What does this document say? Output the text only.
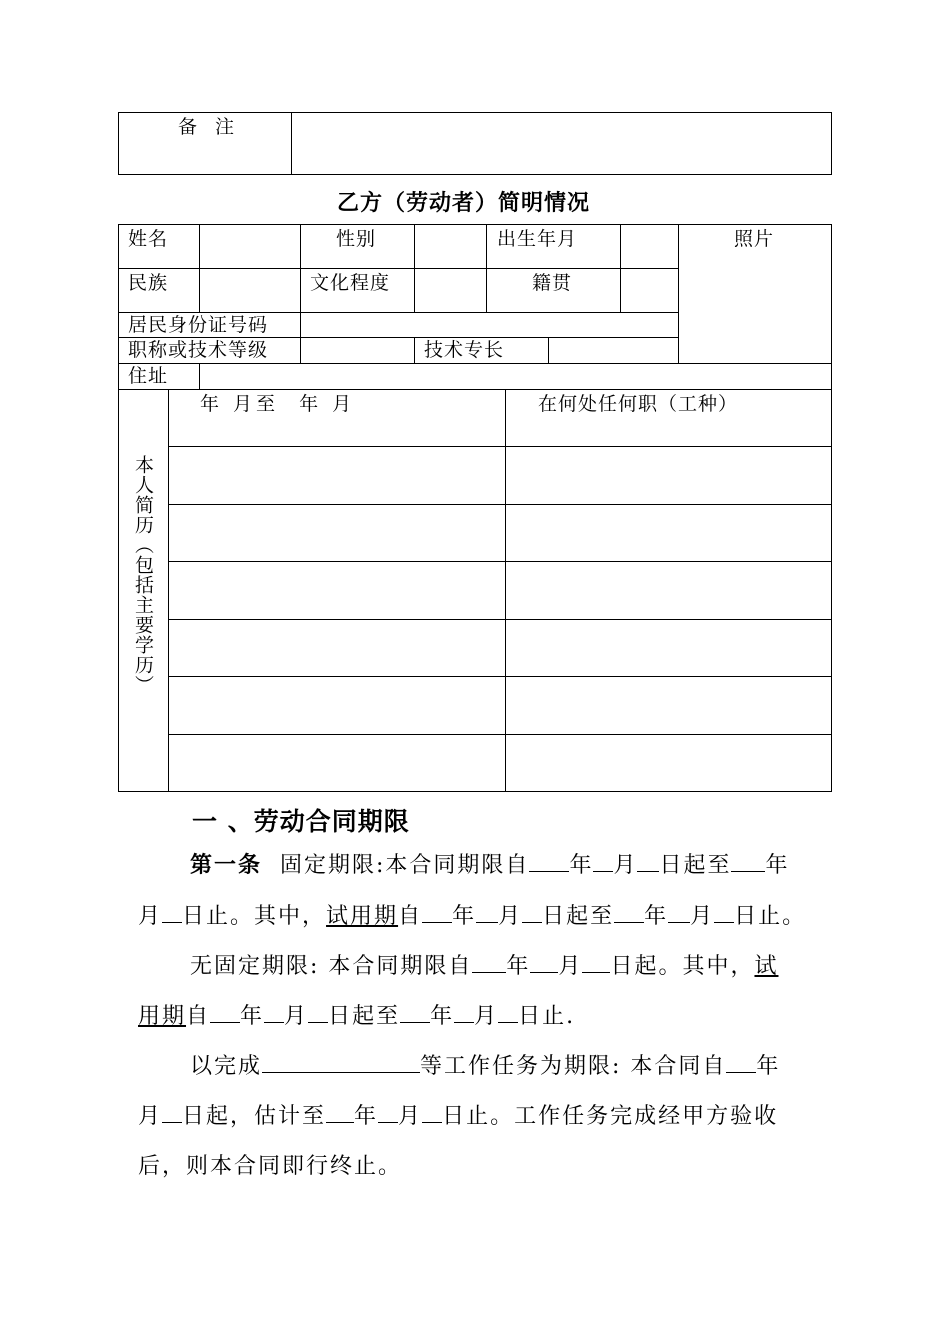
备 注
乙方（劳动者）简明情况
姓名	性别	出生年月	照片
民族	文化程度	籍贯
居民身份证号码
职称或技术等级	技术专长
住址
本人简历（包括主要学历）
年 月至  年 月	在何处任何职（工种）
一 、劳动合同期限
第一条 固定期限:本合同期限自 年 月 日起至 年
月 日止。其中，试用期自 年 月 日起至 年 月 日止。
无固定期限: 本合同期限自 年 月 日起。其中，试
用期自 年 月 日起至 年 月 日止.
以完成	等工作任务为期限: 本合同自 年
月 日起，估计至 年 月 日止。工作任务完成经甲方验收
后，则本合同即行终止。
